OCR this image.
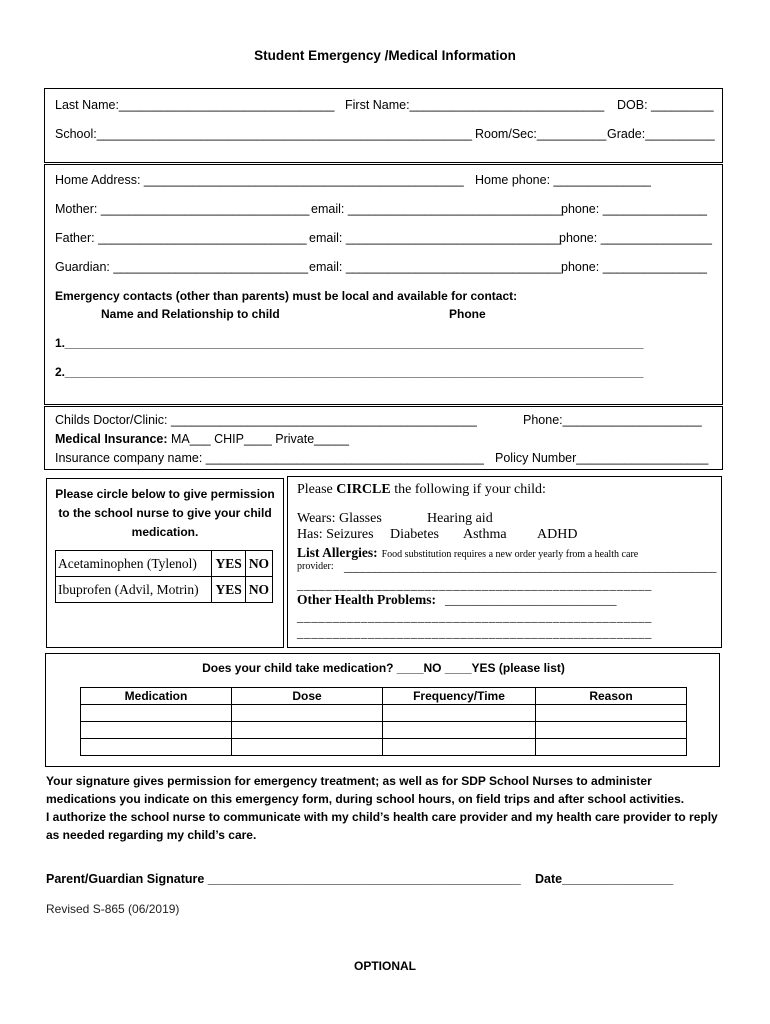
Student Emergency /Medical Information
Last Name:_______________________________ First Name:____________________________ DOB: _________
School:______________________________________________________ Room/Sec:__________ Grade:__________
Home Address: ______________________________________________ Home phone: ______________
Mother: ______________________________ email: _______________________________
phone: _______________
Father: ______________________________ email: _______________________________
phone: ________________
Guardian: ____________________________ email: _______________________________ phone: _______________
Emergency contacts (other than parents) must be local and available for contact:
Name and Relationship to child	Phone
1.________________________________________________________________________________________
2.________________________________________________________________________________________
Childs Doctor/Clinic: ____________________________________________	Phone:____________________
Medical Insurance: MA___ CHIP____ Private_____
Insurance company name: ________________________________________ Policy Number___________________
Please circle below to give permission to the school nurse to give your child medication.
Acetaminophen (Tylenol)	YES	NO
Ibuprofen (Advil, Motrin)	YES	NO
Please CIRCLE the following if your child:
Wears: Glasses	Hearing aid
Has: Seizures Diabetes Asthma ADHD
List Allergies: Food substitution requires a new order yearly from a health care
provider: _____________________________________________________________
__________________________________________________
Other Health Problems: __________________________
__________________________________________________
__________________________________________________
Does your child take medication? ____NO ____YES (please list)
Medication	Dose	Frequency/Time	Reason

Your signature gives permission for emergency treatment; as well as for SDP School Nurses to administer
medications you indicate on this emergency form, during school hours, on field trips and after school activities.
I authorize the school nurse to communicate with my child’s health care provider and my health care provider to reply
as needed regarding my child’s care.
Parent/Guardian Signature _____________________________________________ Date________________
Revised S-865 (06/2019)
OPTIONAL
